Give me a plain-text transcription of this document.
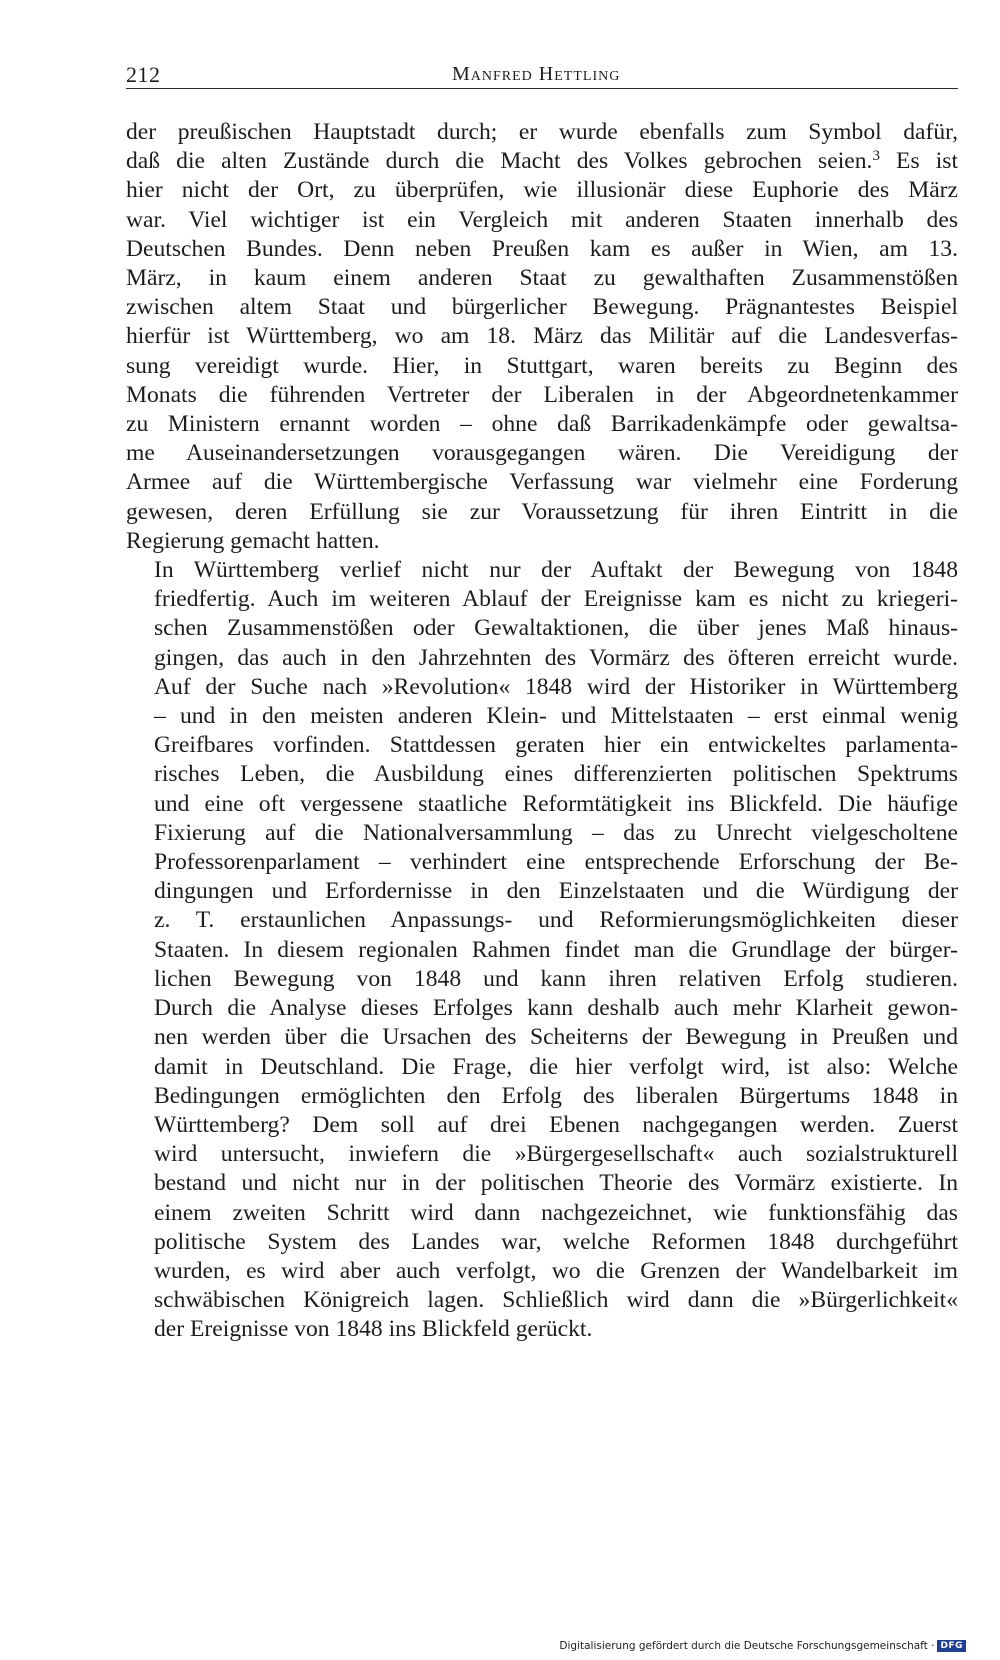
212	Manfred Hettling

der preußischen Hauptstadt durch; er wurde ebenfalls zum Symbol dafür,
daß die alten Zustände durch die Macht des Volkes gebrochen seien.$^3$ Es ist
hier nicht der Ort, zu überprüfen, wie illusionär diese Euphorie des März
war. Viel wichtiger ist ein Vergleich mit anderen Staaten innerhalb des
Deutschen Bundes. Denn neben Preußen kam es außer in Wien, am 13.
März, in kaum einem anderen Staat zu gewalthaften Zusammenstößen
zwischen altem Staat und bürgerlicher Bewegung. Prägnantestes Beispiel
hierfür ist Württemberg, wo am 18. März das Militär auf die Landesverfas-
sung vereidigt wurde. Hier, in Stuttgart, waren bereits zu Beginn des
Monats die führenden Vertreter der Liberalen in der Abgeordnetenkammer
zu Ministern ernannt worden – ohne daß Barrikadenkämpfe oder gewaltsa-
me Auseinandersetzungen vorausgegangen wären. Die Vereidigung der
Armee auf die Württembergische Verfassung war vielmehr eine Forderung
gewesen, deren Erfüllung sie zur Voraussetzung für ihren Eintritt in die
Regierung gemacht hatten.

In Württemberg verlief nicht nur der Auftakt der Bewegung von 1848
friedfertig. Auch im weiteren Ablauf der Ereignisse kam es nicht zu kriegeri-
schen Zusammenstößen oder Gewaltaktionen, die über jenes Maß hinaus-
gingen, das auch in den Jahrzehnten des Vormärz des öfteren erreicht wurde.
Auf der Suche nach »Revolution« 1848 wird der Historiker in Württemberg
– und in den meisten anderen Klein- und Mittelstaaten – erst einmal wenig
Greifbares vorfinden. Stattdessen geraten hier ein entwickeltes parlamenta-
risches Leben, die Ausbildung eines differenzierten politischen Spektrums
und eine oft vergessene staatliche Reformtätigkeit ins Blickfeld. Die häufige
Fixierung auf die Nationalversammlung – das zu Unrecht vielgescholtene
Professorenparlament – verhindert eine entsprechende Erforschung der Be-
dingungen und Erfordernisse in den Einzelstaaten und die Würdigung der
z. T. erstaunlichen Anpassungs- und Reformierungsmöglichkeiten dieser
Staaten. In diesem regionalen Rahmen findet man die Grundlage der bürger-
lichen Bewegung von 1848 und kann ihren relativen Erfolg studieren.
Durch die Analyse dieses Erfolges kann deshalb auch mehr Klarheit gewon-
nen werden über die Ursachen des Scheiterns der Bewegung in Preußen und
damit in Deutschland. Die Frage, die hier verfolgt wird, ist also: Welche
Bedingungen ermöglichten den Erfolg des liberalen Bürgertums 1848 in
Württemberg? Dem soll auf drei Ebenen nachgegangen werden. Zuerst
wird untersucht, inwiefern die »Bürgergesellschaft« auch sozialstrukturell
bestand und nicht nur in der politischen Theorie des Vormärz existierte. In
einem zweiten Schritt wird dann nachgezeichnet, wie funktionsfähig das
politische System des Landes war, welche Reformen 1848 durchgeführt
wurden, es wird aber auch verfolgt, wo die Grenzen der Wandelbarkeit im
schwäbischen Königreich lagen. Schließlich wird dann die »Bürgerlichkeit«
der Ereignisse von 1848 ins Blickfeld gerückt.

Digitalisierung gefördert durch die Deutsche Forschungsgemeinschaft · DFG
